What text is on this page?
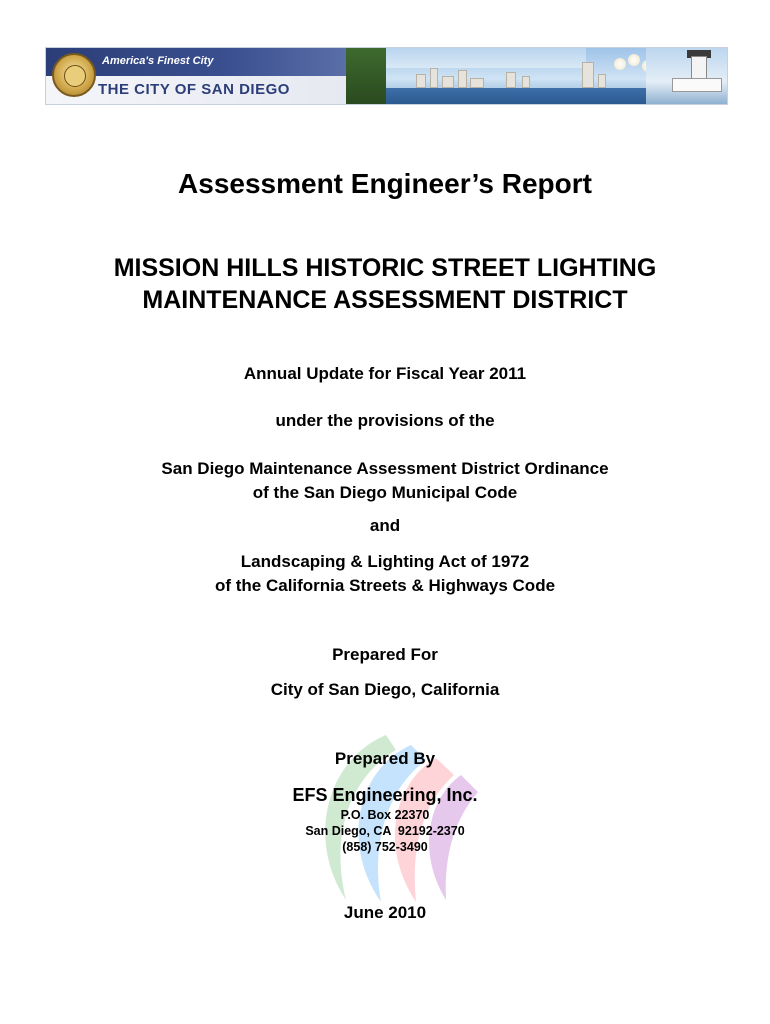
America's Finest City
THE CITY OF SAN DIEGO
Assessment Engineer’s Report
MISSION HILLS HISTORIC STREET LIGHTING
MAINTENANCE ASSESSMENT DISTRICT
Annual Update for Fiscal Year 2011
under the provisions of the
San Diego Maintenance Assessment District Ordinance
of the San Diego Municipal Code
and
Landscaping & Lighting Act of 1972
of the California Streets & Highways Code
Prepared For
City of San Diego, California
Prepared By
EFS Engineering, Inc.
P.O. Box 22370
San Diego, CA  92192-2370
(858) 752-3490
June 2010
